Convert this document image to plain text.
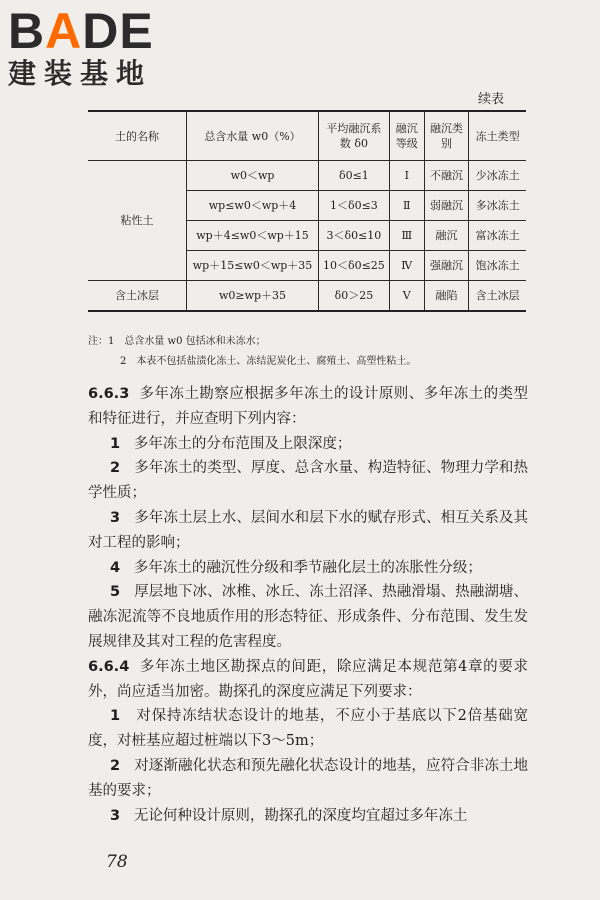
B A D E
建装基地
续表
土的名称	总含水量 w0（%）	平均融沉系数 δ0	融沉等级	融沉类别	冻土类型
粘性土	w0＜wp	δ0≤1	Ⅰ	不融沉	少冰冻土
	wp≤w0＜wp＋4	1＜δ0≤3	Ⅱ	弱融沉	多冰冻土
	wp＋4≤w0＜wp＋15	3＜δ0≤10	Ⅲ	融沉	富冰冻土
	wp＋15≤w0＜wp＋35	10＜δ0≤25	Ⅳ	强融沉	饱冰冻土
含土冰层	w0≥wp＋35	δ0＞25	Ⅴ	融陷	含土冰层
注：1　总含水量 w0 包括冰和未冻水；
2　本表不包括盐渍化冻土、冻结泥炭化土、腐殖土、高塑性粘土。

6.6.3 多年冻土勘察应根据多年冻土的设计原则、多年冻土的类型和特征进行，并应查明下列内容：

1 多年冻土的分布范围及上限深度；

2 多年冻土的类型、厚度、总含水量、构造特征、物理力学和热学性质；

3 多年冻土层上水、层间水和层下水的赋存形式、相互关系及其对工程的影响；

4 多年冻土的融沉性分级和季节融化层土的冻胀性分级；

5 厚层地下冰、冰椎、冰丘、冻土沼泽、热融滑塌、热融湖塘、融冻泥流等不良地质作用的形态特征、形成条件、分布范围、发生发展规律及其对工程的危害程度。

6.6.4 多年冻土地区勘探点的间距，除应满足本规范第4章的要求外，尚应适当加密。勘探孔的深度应满足下列要求：

1 对保持冻结状态设计的地基，不应小于基底以下2倍基础宽度，对桩基应超过桩端以下3～5m；

2 对逐渐融化状态和预先融化状态设计的地基，应符合非冻土地基的要求；

3 无论何种设计原则，勘探孔的深度均宜超过多年冻土

78
